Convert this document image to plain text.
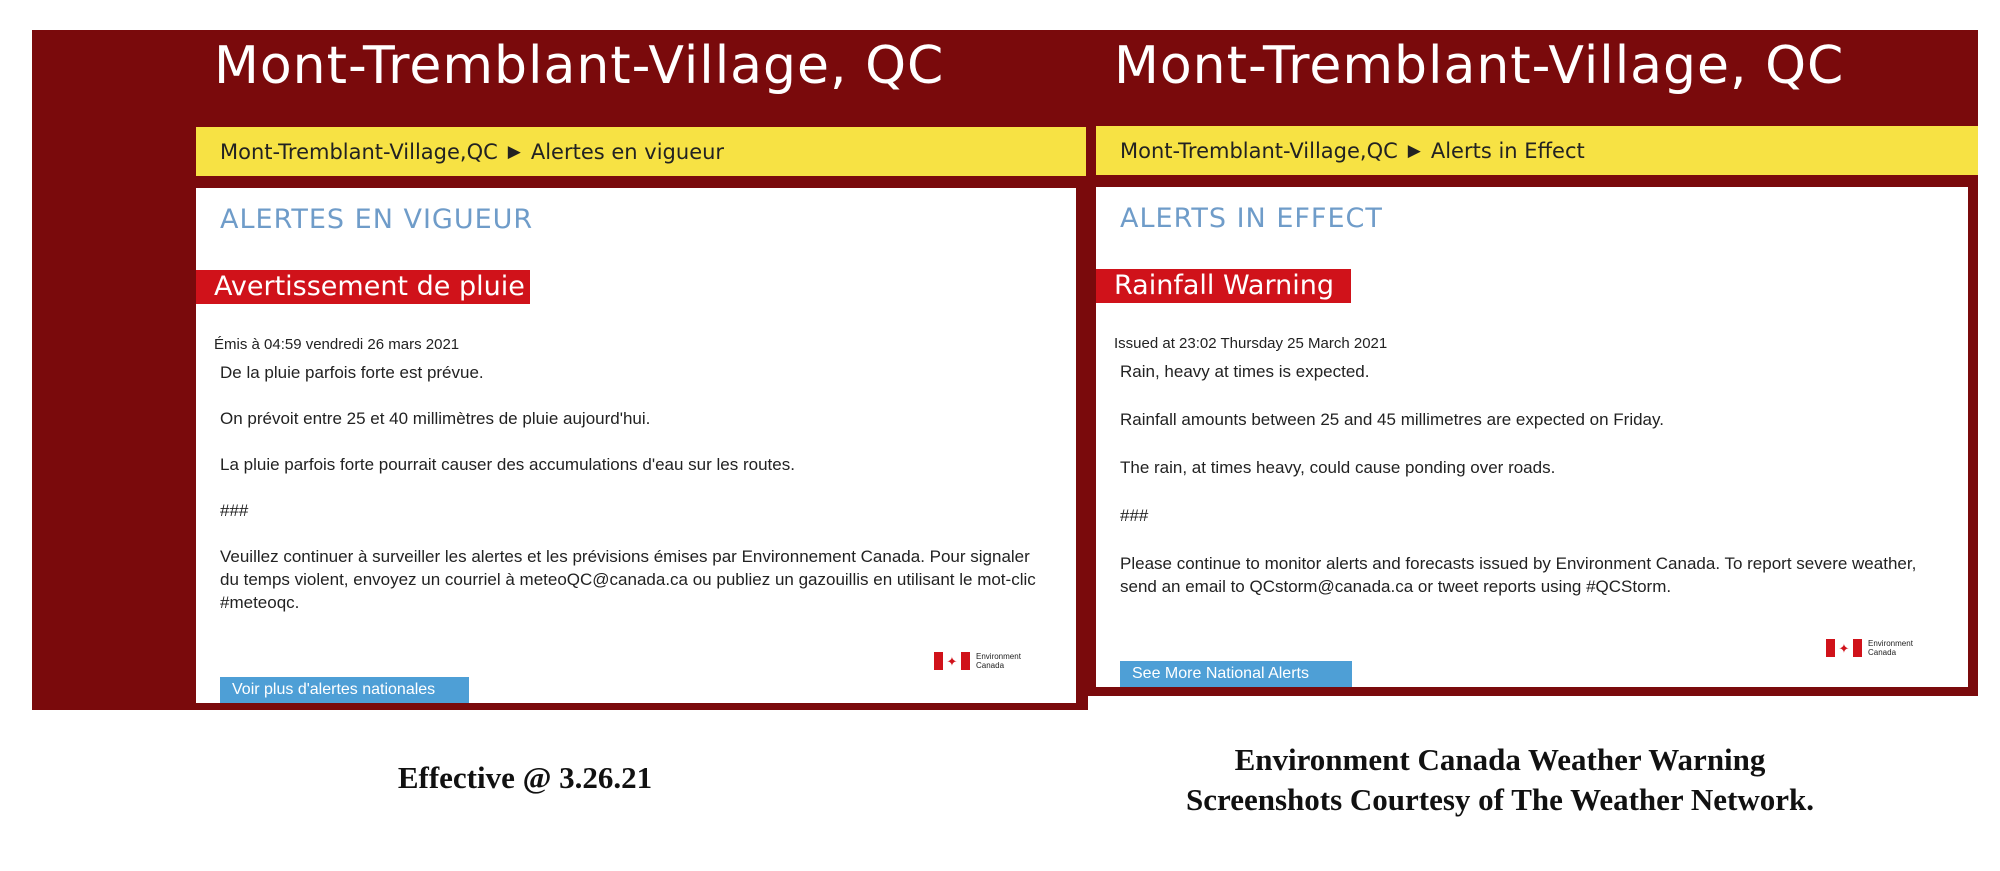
Mont-Tremblant-Village, QC
Mont-Tremblant-Village,QC ▶ Alertes en vigueur
ALERTES EN VIGUEUR
Avertissement de pluie
Émis à 04:59 vendredi 26 mars 2021

De la pluie parfois forte est prévue.

On prévoit entre 25 et 40 millimètres de pluie aujourd'hui.

La pluie parfois forte pourrait causer des accumulations d'eau sur les routes.

###

Veuillez continuer à surveiller les alertes et les prévisions émises par Environnement Canada. Pour signaler du temps violent, envoyez un courriel à meteoQC@canada.ca ou publiez un gazouillis en utilisant le mot-clic #meteoqc.

✦	Environment
Canada
Voir plus d'alertes nationales
Mont-Tremblant-Village, QC
Mont-Tremblant-Village,QC ▶ Alerts in Effect
ALERTS IN EFFECT
Rainfall Warning
Issued at 23:02 Thursday 25 March 2021

Rain, heavy at times is expected.

Rainfall amounts between 25 and 45 millimetres are expected on Friday.

The rain, at times heavy, could cause ponding over roads.

###

Please continue to monitor alerts and forecasts issued by Environment Canada. To report severe weather, send an email to QCstorm@canada.ca or tweet reports using #QCStorm.

✦	Environment
Canada
See More National Alerts
Effective @ 3.26.21
Environment Canada Weather Warning
Screenshots Courtesy of The Weather Network.
